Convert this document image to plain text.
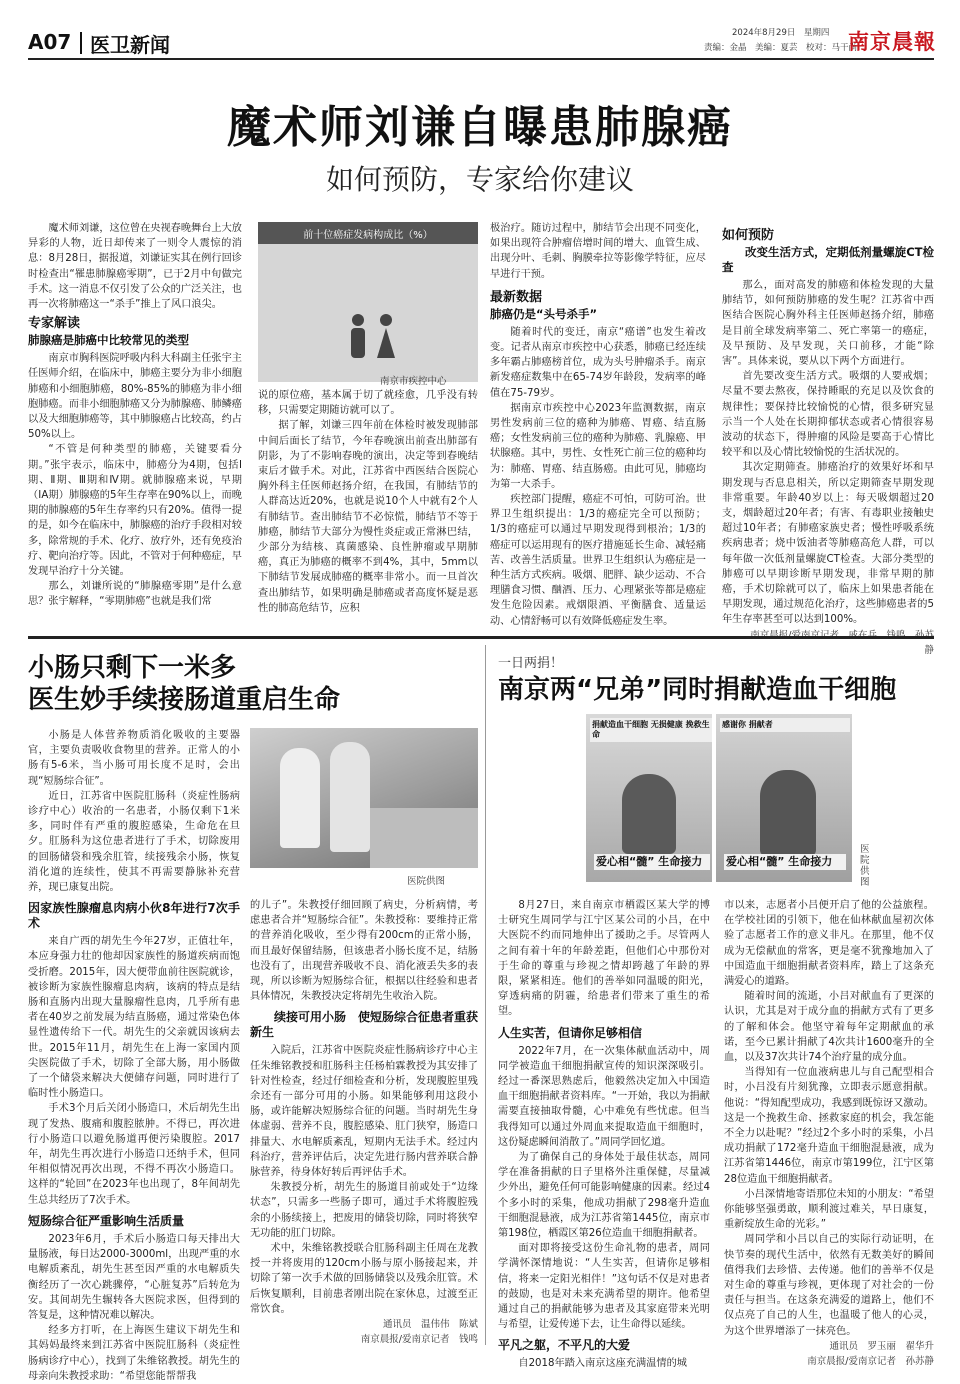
A07 医卫新闻	2024年8月29日　星期四
责编：金晶　美编：夏芸　校对：马干尚
南京晨報
魔术师刘谦自曝患肺腺癌
如何预防，专家给你建议

魔术师刘谦，这位曾在央视春晚舞台上大放异彩的人物，近日却传来了一则令人震惊的消息：8月28日，据报道，刘谦证实其在例行回诊时检查出“罹患肺腺癌零期”，已于2月中旬做完手术。这一消息不仅引发了公众的广泛关注，也再一次将肺癌这一“杀手”推上了风口浪尖。

专家解读
肺腺癌是肺癌中比较常见的类型

南京市胸科医院呼吸内科大科副主任张宇主任医师介绍，在临床中，肺癌主要分为非小细胞肺癌和小细胞肺癌，80%-85%的肺癌为非小细胞肺癌。而非小细胞肺癌又分为肺腺癌、肺鳞癌以及大细胞肺癌等，其中肺腺癌占比较高，约占50%以上。

“不管是何种类型的肺癌，关键要看分期。”张宇表示，临床中，肺癌分为4期，包括Ⅰ期、Ⅱ期、Ⅲ期和Ⅳ期。就肺腺癌来说，早期（ⅠA期）肺腺癌的5年生存率在90%以上，而晚期的肺腺癌的5年生存率约只有20%。值得一提的是，如今在临床中，肺腺癌的治疗手段相对较多，除常规的手术、化疗、放疗外，还有免疫治疗、靶向治疗等。因此，不管对于何种癌症，早发现早治疗十分关键。

那么，刘谦所说的“肺腺癌零期”是什么意思？张宇解释，“零期肺癌”也就是我们常

前十位癌症发病构成比（%）
南京市疾控中心

说的原位癌，基本属于切了就痊愈，几乎没有转移，只需要定期随访就可以了。

据了解，刘谦三四年前在体检时被发现肺部中间后面长了结节，今年春晚演出前查出肺部有阴影，为了不影响春晚的演出，决定等到春晚结束后才做手术。对此，江苏省中西医结合医院心胸外科主任医师赵扬介绍，在我国，有肺结节的人群高达近20%，也就是说10个人中就有2个人有肺结节。查出肺结节不必惊慌，肺结节不等于肺癌，肺结节大部分为慢性炎症或正常淋巴结，少部分为结核、真菌感染、良性肿瘤或早期肺癌，真正为肺癌的概率不到4%，其中，5mm以下肺结节发展成肺癌的概率非常小。而一旦首次查出肺结节，如果明确是肺癌或者高度怀疑是恶性的肺高危结节，应积

极治疗。随访过程中，肺结节会出现不同变化，如果出现符合肿瘤倍增时间的增大、血管生成、出现分叶、毛刺、胸膜牵拉等影像学特征，应尽早进行干预。

最新数据
肺癌仍是“头号杀手”

随着时代的变迁，南京“癌谱”也发生着改变。记者从南京市疾控中心获悉，肺癌已经连续多年霸占肺癌榜首位，成为头号肿瘤杀手。南京新发癌症数集中在65-74岁年龄段，发病率的峰值在75-79岁。

据南京市疾控中心2023年监测数据，南京男性发病前三位的癌种为肺癌、胃癌、结直肠癌；女性发病前三位的癌种为肺癌、乳腺癌、甲状腺癌。其中，男性、女性死亡前三位的癌种均为：肺癌、胃癌、结直肠癌。由此可见，肺癌均为第一大杀手。

疾控部门提醒，癌症不可怕，可防可治。世界卫生组织提出：1/3的癌症完全可以预防；1/3的癌症可以通过早期发现得到根治；1/3的癌症可以运用现有的医疗措施延长生命、减轻痛苦、改善生活质量。世界卫生组织认为癌症是一种生活方式疾病。吸烟、肥胖、缺少运动、不合理膳食习惯、酗酒、压力、心理紧张等都是癌症发生危险因素。戒烟限酒、平衡膳食、适量运动、心情舒畅可以有效降低癌症发生率。

如何预防
改变生活方式，定期低剂量螺旋CT检查

那么，面对高发的肺癌和体检发现的大量肺结节，如何预防肺癌的发生呢？江苏省中西医结合医院心胸外科主任医师赵扬介绍，肺癌是目前全球发病率第二、死亡率第一的癌症，及早预防、及早发现，关口前移，才能“除害”。具体来说，要从以下两个方面进行。

首先要改变生活方式。吸烟的人要戒烟；尽量不要去熬夜，保持睡眠的充足以及饮食的规律性；要保持比较愉悦的心情，很多研究显示当一个人处在长期抑郁状态或者心情很容易波动的状态下，得肿瘤的风险是要高于心情比较平和以及心情比较愉悦的生活状况的。

其次定期筛查。肺癌治疗的效果好坏和早期发现与否息息相关，所以定期筛查早期发现非常重要。年龄40岁以上：每天吸烟超过20支，烟龄超过20年者；有害、有毒职业接触史超过10年者；有肺癌家族史者；慢性呼吸系统疾病患者；烧中饭油者等肺癌高危人群，可以每年做一次低剂量螺旋CT检查。大部分类型的肺癌可以早期诊断早期发现，非常早期的肺癌，手术切除就可以了，临床上如果患者能在早期发现，通过规范化治疗，这些肺癌患者的5年生存率甚至可以达到100%。

　　　静

小肠只剩下一米多
医生妙手续接肠道重启生命
医院供图

小肠是人体营养物质消化吸收的主要器官，主要负责吸收食物里的营养。正常人的小肠有5-6米，当小肠可用长度不足时，会出现“短肠综合征”。

近日，江苏省中医院肛肠科（炎症性肠病诊疗中心）收治的一名患者，小肠仅剩下1米多，同时伴有严重的腹腔感染，生命危在旦夕。肛肠科为这位患者进行了手术，切除废用的回肠储袋和残余肛管，续接残余小肠，恢复消化道的连续性，使其不再需要静脉补充营养，现已康复出院。

因家族性腺瘤息肉病小伙8年进行7次手术

来自广西的胡先生今年27岁，正值壮年，本应身强力壮的他却因家族性的肠道疾病而饱受折磨。2015年，因大便带血前往医院就诊，被诊断为家族性腺瘤息肉病，该病的特点是结肠和直肠内出现大量腺瘤性息肉，几乎所有患者在40岁之前发展为结直肠癌，通过常染色体显性遗传给下一代。胡先生的父亲就因该病去世。2015年11月，胡先生在上海一家国内顶尖医院做了手术，切除了全部大肠，用小肠做了一个储袋来解决大便储存问题，同时进行了临时性小肠造口。

手术3个月后关闭小肠造口，术后胡先生出现了发热、腹痛和腹腔脓肿。不得已，再次进行小肠造口以避免肠道再便污染腹腔。2017年，胡先生再次进行小肠造口还纳手术，但同年相似情况再次出现，不得不再次小肠造口。这样的“轮回”在2023年也出现了，8年间胡先生总共经历了7次手术。

短肠综合征严重影响生活质量

2023年6月，手术后小肠造口每天排出大量肠液，每日达2000-3000ml，出现严重的水电解质紊乱，胡先生甚至因严重的水电解质失衡经历了一次心跳骤停，“心脏复苏”后转危为安。其间胡先生辗转各大医院求医，但得到的答复是，这种情况难以解决。

经多方打听，在上海医生建议下胡先生和其妈妈最终来到江苏省中医院肛肠科（炎症性肠病诊疗中心），找到了朱维铭教授。胡先生的母亲向朱教授求助：“希望您能帮帮我

的儿子”。朱教授仔细回顾了病史，分析病情，考虑患者合并“短肠综合征”。朱教授称：要维持正常的营养消化吸收，至少得有200cm的正常小肠，而且最好保留结肠，但该患者小肠长度不足，结肠也没有了，出现营养吸收不良、消化液丢失多的表现，所以诊断为短肠综合征，根据以往经验和患者具体情况，朱教授决定将胡先生收治入院。

续接可用小肠　使短肠综合征患者重获新生

入院后，江苏省中医院炎症性肠病诊疗中心主任朱维铭教授和肛肠科主任杨柏霖教授为其安排了针对性检查，经过仔细检查和分析，发现腹腔里残余还有一部分可用的小肠。如果能够利用这段小肠，或许能解决短肠综合征的问题。当时胡先生身体虚弱、营养不良，腹腔感染、肛门狭窄，肠造口排量大、水电解质紊乱，短期内无法手术。经过内科治疗，营养评估后，决定先进行肠内营养联合静脉营养，待身体好转后再评估手术。

朱教授分析，胡先生的肠道目前或处于“边缘状态”，只需多一些肠子即可，通过手术将腹腔残余的小肠续接上，把废用的储袋切除，同时将狭窄无功能的肛门切除。

术中，朱维铭教授联合肛肠科副主任周在龙教授一并将废用的120cm小肠与原小肠接起来，并切除了第一次手术做的回肠储袋以及残余肛管。术后恢复顺利，目前患者刚出院在家休息，过渡至正常饮食。

通讯员　温伟伟　陈斌

南京晨报/爱南京记者　钱鸣

一日两捐！
南京两“兄弟”同时捐献造血干细胞
捐献造血干细胞 无损健康 挽救生命
爱心相“髓” 生命接力
感谢你 捐献者
爱心相“髓” 生命接力
医院供图

8月27日，来自南京市栖霞区某大学的博士研究生周同学与江宁区某公司的小吕，在中大医院不约而同地伸出了援助之手。尽管两人之间有着十年的年龄差距，但他们心中那份对于生命的尊重与珍视之情却跨越了年龄的界限，紧紧相连。他们的善举如同温暖的阳光，穿透病痛的阴霾，给患者们带来了重生的希望。

人生实苦，但请你足够相信

2022年7月，在一次集体献血活动中，周同学被造血干细胞捐献宣传的知识深深吸引。经过一番深思熟虑后，他毅然决定加入中国造血干细胞捐献者资料库。“一开始，我以为捐献需要直接抽取骨髓，心中难免有些忧虑。但当我得知可以通过外周血来提取造血干细胞时，这份疑虑瞬间消散了。”周同学回忆道。

为了确保自己的身体处于最佳状态，周同学在准备捐献的日子里格外注重保健，尽量减少外出，避免任何可能影响健康的因素。经过4个多小时的采集，他成功捐献了298毫升造血干细胞混悬液，成为江苏省第1445位，南京市第198位，栖霞区第26位造血干细胞捐献者。

面对即将接受这份生命礼物的患者，周同学满怀深情地说：“人生实苦，但请你足够相信，将来一定阳光相伴！”这句话不仅是对患者的鼓励，也是对未来充满希望的期许。他希望通过自己的捐献能够为患者及其家庭带来光明与希望，让爱传递下去，让生命得以延续。

平凡之躯，不平凡的大爱

自2018年踏入南京这座充满温情的城

市以来，志愿者小吕便开启了他的公益旅程。在学校社团的引领下，他在仙林献血屋初次体验了志愿者工作的意义非凡。在那里，他不仅成为无偿献血的常客，更是毫不犹豫地加入了中国造血干细胞捐献者资料库，踏上了这条充满爱心的道路。

随着时间的流逝，小吕对献血有了更深的认识，尤其是对于成分血的捐献方式有了更多的了解和体会。他坚守着每年定期献血的承诺，至今已累计捐献了4次共计1600毫升的全血，以及37次共计74个治疗量的成分血。

当得知有一位血液病患儿与自己配型相合时，小吕没有片刻犹豫，立即表示愿意捐献。他说：“得知配型成功，我感到既惊讶又激动。这是一个挽救生命、拯救家庭的机会，我怎能不全力以赴呢？”经过2个多小时的采集，小吕成功捐献了172毫升造血干细胞混悬液，成为江苏省第1446位，南京市第199位，江宁区第28位造血干细胞捐献者。

小吕深情地寄语那位未知的小朋友：“希望你能够坚强勇敢，顺利渡过难关，早日康复，重新绽放生命的光彩。”

周同学和小吕以自己的实际行动证明，在快节奏的现代生活中，依然有无数美好的瞬间值得我们去珍惜、去传递。他们的善举不仅是对生命的尊重与珍视，更体现了对社会的一份责任与担当。在这条充满爱的道路上，他们不仅点亮了自己的人生，也温暖了他人的心灵，为这个世界增添了一抹亮色。

通讯员　罗玉丽　翟华升

南京晨报/爱南京记者　孙苏静
